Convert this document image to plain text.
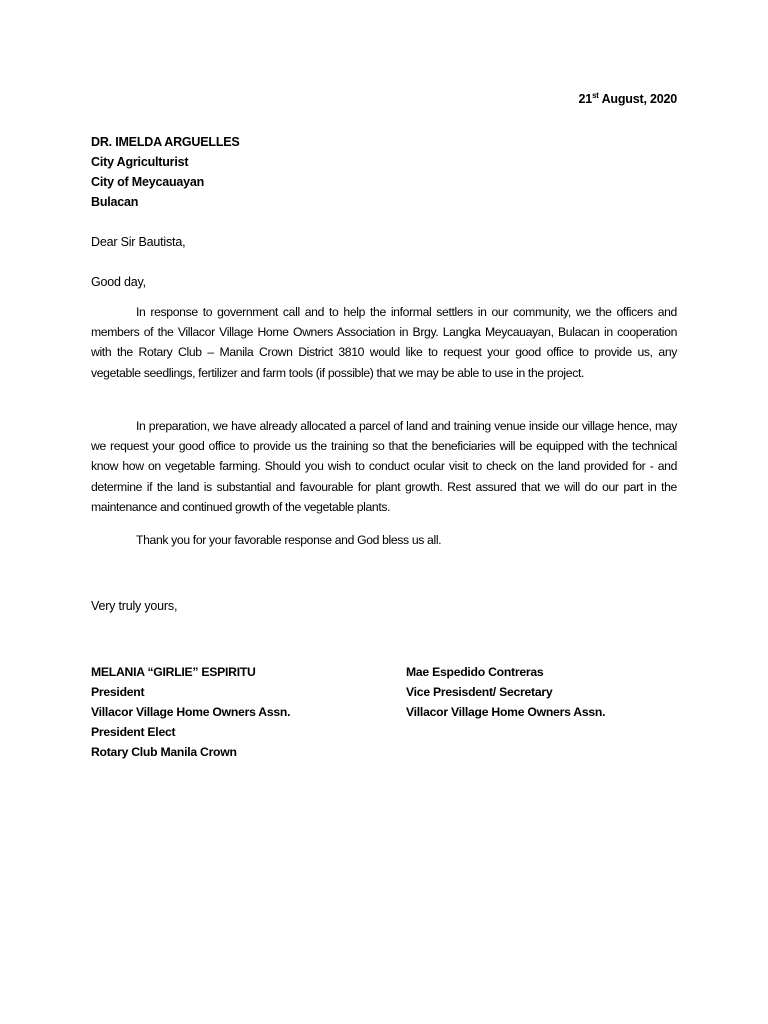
21st August, 2020
DR. IMELDA ARGUELLES
City Agriculturist
City of Meycauayan
Bulacan
Dear Sir Bautista,
Good day,

In response to government call and to help the informal settlers in our community, we the officers and members of the Villacor Village Home Owners Association in Brgy. Langka Meycauayan, Bulacan in cooperation with the Rotary Club – Manila Crown District 3810 would like to request your good office to provide us, any vegetable seedlings, fertilizer and farm tools (if possible) that we may be able to use in the project.

In preparation, we have already allocated a parcel of land and training venue inside our village hence, may we request your good office to provide us the training so that the beneficiaries will be equipped with the technical know how on vegetable farming. Should you wish to conduct ocular visit to check on the land provided for - and determine if the land is substantial and favourable for plant growth. Rest assured that we will do our part in the maintenance and continued growth of the vegetable plants.

Thank you for your favorable response and God bless us all.

Very truly yours,
MELANIA “GIRLIE” ESPIRITU
President
Villacor Village Home Owners Assn.
President Elect
Rotary Club Manila Crown
Mae Espedido Contreras
Vice Presisdent/ Secretary
Villacor Village Home Owners Assn.
